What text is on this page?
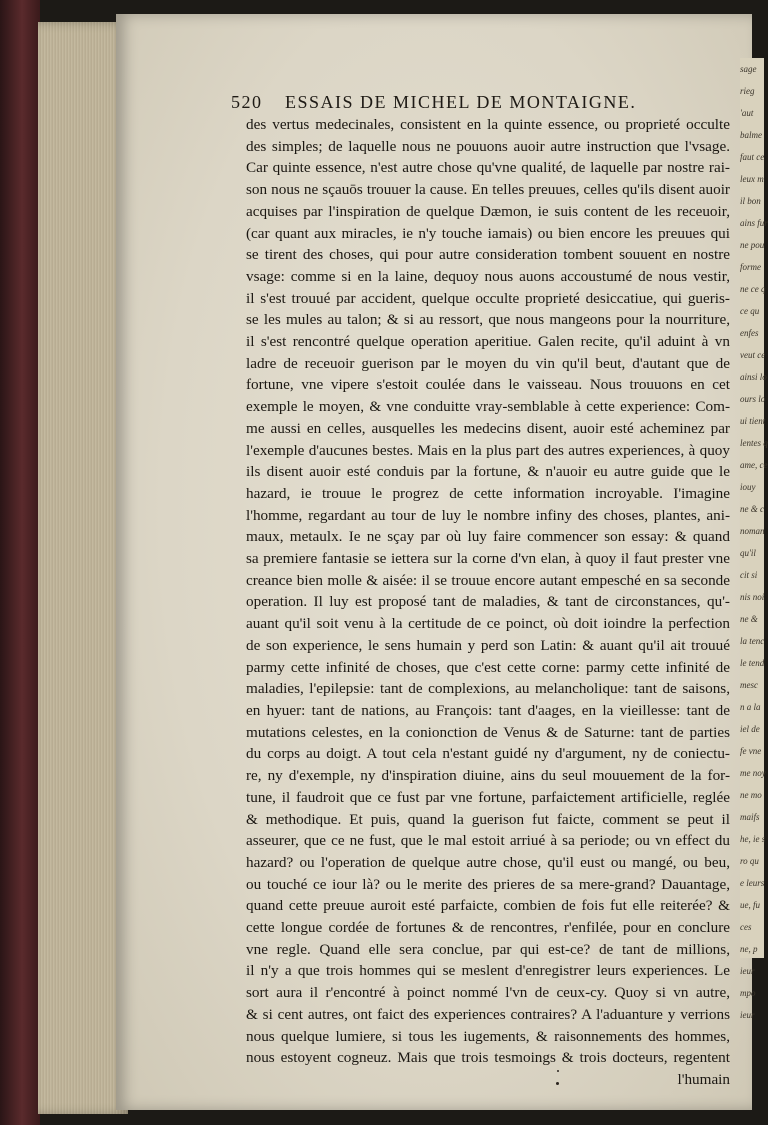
sage
rieg
'aut
balme
faut ce
leux m
il bon
ains fur
ne pou
forme
ne ce q
ce qu
enfes
veut ce
ainsi lo
ours lo
ui tient
lentes q
ame, ce
iouy
ne & c
noman
qu'il
cit si
nis noi
ne &
la tenc
le tend
mesc
n a la
iel de
fe vne
me noy
ne mo
maifs
he, ie s
ro qu
e leurs
ue, fu
ces
ne, p
ieur
mpo
ieur
520 ESSAIS DE MICHEL DE MONTAIGNE.
des vertus medecinales, consistent en la quinte essence, ou proprieté occulte
des simples; de laquelle nous ne pouuons auoir autre instruction que l'vsage.
Car quinte essence, n'est autre chose qu'vne qualité, de laquelle par nostre rai-
son nous ne sçauōs trouuer la cause. En telles preuues, celles qu'ils disent auoir
acquises par l'inspiration de quelque Dæmon, ie suis content de les receuoir,
(car quant aux miracles, ie n'y touche iamais) ou bien encore les preuues qui
se tirent des choses, qui pour autre consideration tombent souuent en nostre
vsage: comme si en la laine, dequoy nous auons accoustumé de nous vestir,
il s'est trouué par accident, quelque occulte proprieté desiccatiue, qui gueris-
se les mules au talon; & si au ressort, que nous mangeons pour la nourriture,
il s'est rencontré quelque operation aperitiue. Galen recite, qu'il aduint à vn
ladre de receuoir guerison par le moyen du vin qu'il beut, d'autant que de
fortune, vne vipere s'estoit coulée dans le vaisseau. Nous trouuons en cet
exemple le moyen, & vne conduitte vray-semblable à cette experience: Com-
me aussi en celles, ausquelles les medecins disent, auoir esté acheminez par
l'exemple d'aucunes bestes. Mais en la plus part des autres experiences, à quoy
ils disent auoir esté conduis par la fortune, & n'auoir eu autre guide que le
hazard, ie trouue le progrez de cette information incroyable. I'imagine
l'homme, regardant au tour de luy le nombre infiny des choses, plantes, ani-
maux, metaulx. Ie ne sçay par où luy faire commencer son essay: & quand
sa premiere fantasie se iettera sur la corne d'vn elan, à quoy il faut prester vne
creance bien molle & aisée: il se trouue encore autant empesché en sa seconde
operation. Il luy est proposé tant de maladies, & tant de circonstances, qu'-
auant qu'il soit venu à la certitude de ce poinct, où doit ioindre la perfection
de son experience, le sens humain y perd son Latin: & auant qu'il ait trouué
parmy cette infinité de choses, que c'est cette corne: parmy cette infinité de
maladies, l'epilepsie: tant de complexions, au melancholique: tant de saisons,
en hyuer: tant de nations, au François: tant d'aages, en la vieillesse: tant de
mutations celestes, en la conionction de Venus & de Saturne: tant de parties
du corps au doigt. A tout cela n'estant guidé ny d'argument, ny de coniectu-
re, ny d'exemple, ny d'inspiration diuine, ains du seul mouuement de la for-
tune, il faudroit que ce fust par vne fortune, parfaictement artificielle, reglée
& methodique. Et puis, quand la guerison fut faicte, comment se peut il
asseurer, que ce ne fust, que le mal estoit arriué à sa periode; ou vn effect du
hazard? ou l'operation de quelque autre chose, qu'il eust ou mangé, ou beu,
ou touché ce iour là? ou le merite des prieres de sa mere-grand? Dauantage,
quand cette preuue auroit esté parfaicte, combien de fois fut elle reiterée? &
cette longue cordée de fortunes & de rencontres, r'enfilée, pour en conclure
vne regle. Quand elle sera conclue, par qui est-ce? de tant de millions,
il n'y a que trois hommes qui se meslent d'enregistrer leurs experiences. Le
sort aura il r'encontré à poinct nommé l'vn de ceux-cy. Quoy si vn autre,
& si cent autres, ont faict des experiences contraires? A l'aduanture y verrions
nous quelque lumiere, si tous les iugements, & raisonnements des hommes,
nous estoyent cogneuz. Mais que trois tesmoings & trois docteurs, regentent
l'humain
